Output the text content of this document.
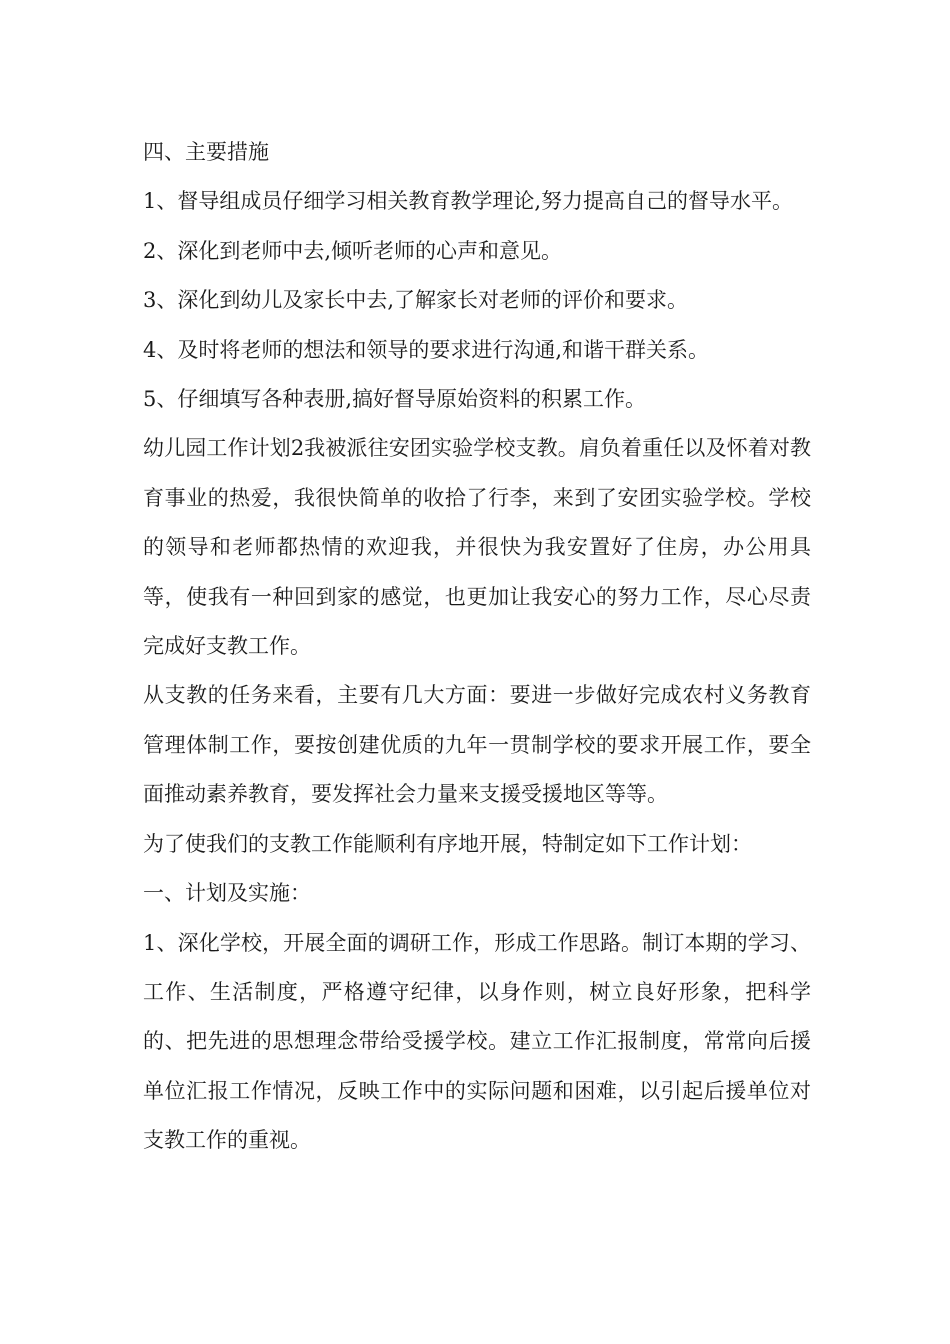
四、主要措施

1、督导组成员仔细学习相关教育教学理论,努力提高自己的督导水平。

2、深化到老师中去,倾听老师的心声和意见。

3、深化到幼儿及家长中去,了解家长对老师的评价和要求。

4、及时将老师的想法和领导的要求进行沟通,和谐干群关系。

5、仔细填写各种表册,搞好督导原始资料的积累工作。

幼儿园工作计划2我被派往安团实验学校支教。肩负着重任以及怀着对教育事业的热爱，我很快简单的收拾了行李，来到了安团实验学校。学校的领导和老师都热情的欢迎我，并很快为我安置好了住房，办公用具等，使我有一种回到家的感觉，也更加让我安心的努力工作，尽心尽责完成好支教工作。

从支教的任务来看，主要有几大方面：要进一步做好完成农村义务教育管理体制工作，要按创建优质的九年一贯制学校的要求开展工作，要全面推动素养教育，要发挥社会力量来支援受援地区等等。

为了使我们的支教工作能顺利有序地开展，特制定如下工作计划：

一、计划及实施：

1、深化学校，开展全面的调研工作，形成工作思路。制订本期的学习、工作、生活制度，严格遵守纪律，以身作则，树立良好形象，把科学的、把先进的思想理念带给受援学校。建立工作汇报制度，常常向后援单位汇报工作情况，反映工作中的实际问题和困难，以引起后援单位对支教工作的重视。
